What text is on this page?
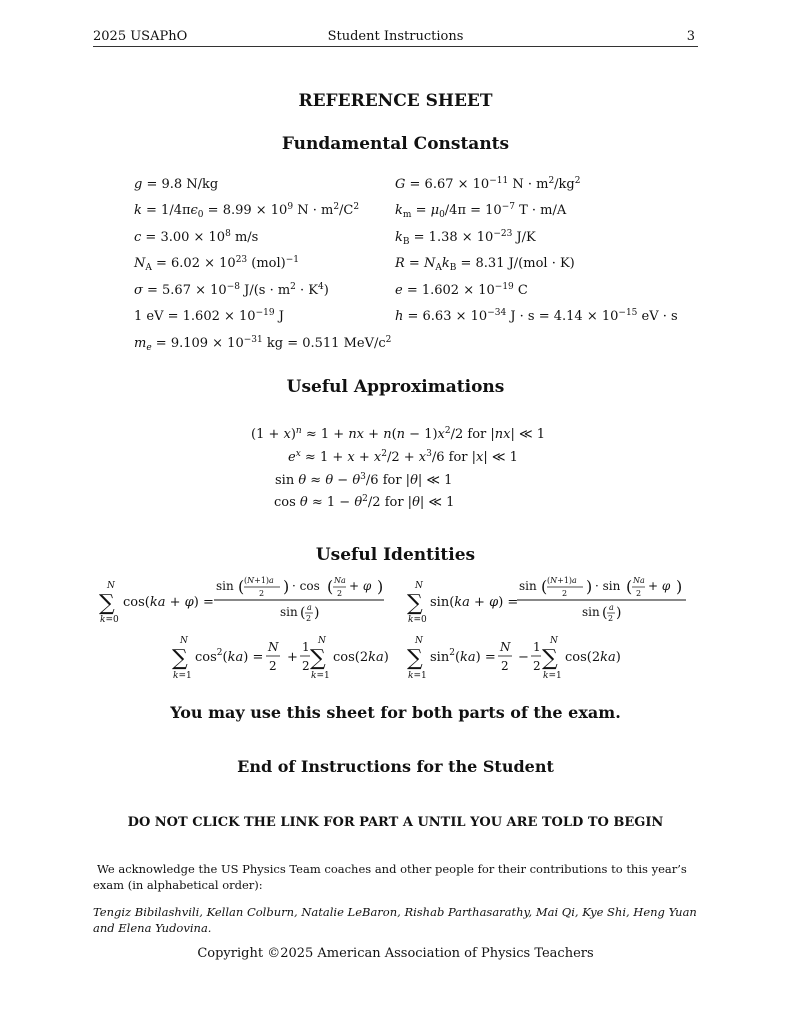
2025 USAPhO	Student Instructions	3
REFERENCE SHEET
Fundamental Constants
g = 9.8 N/kg
$k = 1/4\pi\epsilon_0 = 8.99 \times 10^9$ $N \cdot m^2/C^2$
$c = 3.00 \times 10^8$ m/s
$N_A = 6.02 \times 10^{23}$ (mol)$^{-1}$
$\sigma = 5.67 \times 10^{-8}$ $J/(s \cdot m^2 \cdot K^4)$
1 eV = $1.602 \times 10^{-19}$ J
$m_e = 9.109 \times 10^{-31}$ kg = 0.511 MeV/$c^2$
$G = 6.67 \times 10^{-11}$ $N \cdot m^2/kg^2$
$k_m = \mu_0/4\pi = 10^{-7}$ T · m/A
$k_B = 1.38 \times 10^{-23}$ J/K
$R = N_Ak_B = 8.31$ J/(mol · K)
$e = 1.602 \times 10^{-19}$ C
$h = 6.63 \times 10^{-34}$ $J \cdot s = 4.14 \times 10^{-15}$ eV · s
Useful Approximations
$(1 + x)^n \approx 1$ + nx + $n(n - 1)x^2/2$ for |nx| ≪ 1
$e^x \approx 1 + x + x^2/2 + x^3/6$ for |x| ≪ 1
$\sin \theta \approx \theta - \theta^3/6$ for |θ| ≪ 1
$\cos \theta \approx 1 - \theta^2/2$ for |θ| ≪ 1
Useful Identities
N
∑
k=0
cos(ka + φ) =
sin ( (N+1)a
2 ) · cos ( Na
2
+ φ )
sin ( a
2 )
N
∑
k=0
sin(ka + φ) =
sin ( (N+1)a
2 ) · sin ( Na
2
+ φ )
sin ( a
2 )
N
∑
k=1
$\cos^2(ka)$ =
N
2
+
1
2
N
∑
k=1
cos(2ka)
N
∑
k=1
$\sin^2(ka)$ =
N
2
−
1
2
N
∑
k=1
cos(2ka)
You may use this sheet for both parts of the exam.
End of Instructions for the Student
DO NOT CLICK THE LINK FOR PART A UNTIL YOU ARE TOLD TO BEGIN
We acknowledge the US Physics Team coaches and other people for their contributions to this year’s exam (in alphabetical order):
Tengiz Bibilashvili, Kellan Colburn, Natalie LeBaron, Rishab Parthasarathy, Mai Qi, Kye Shi, Heng Yuan and Elena Yudovina.
Copyright ©2025 American Association of Physics Teachers
